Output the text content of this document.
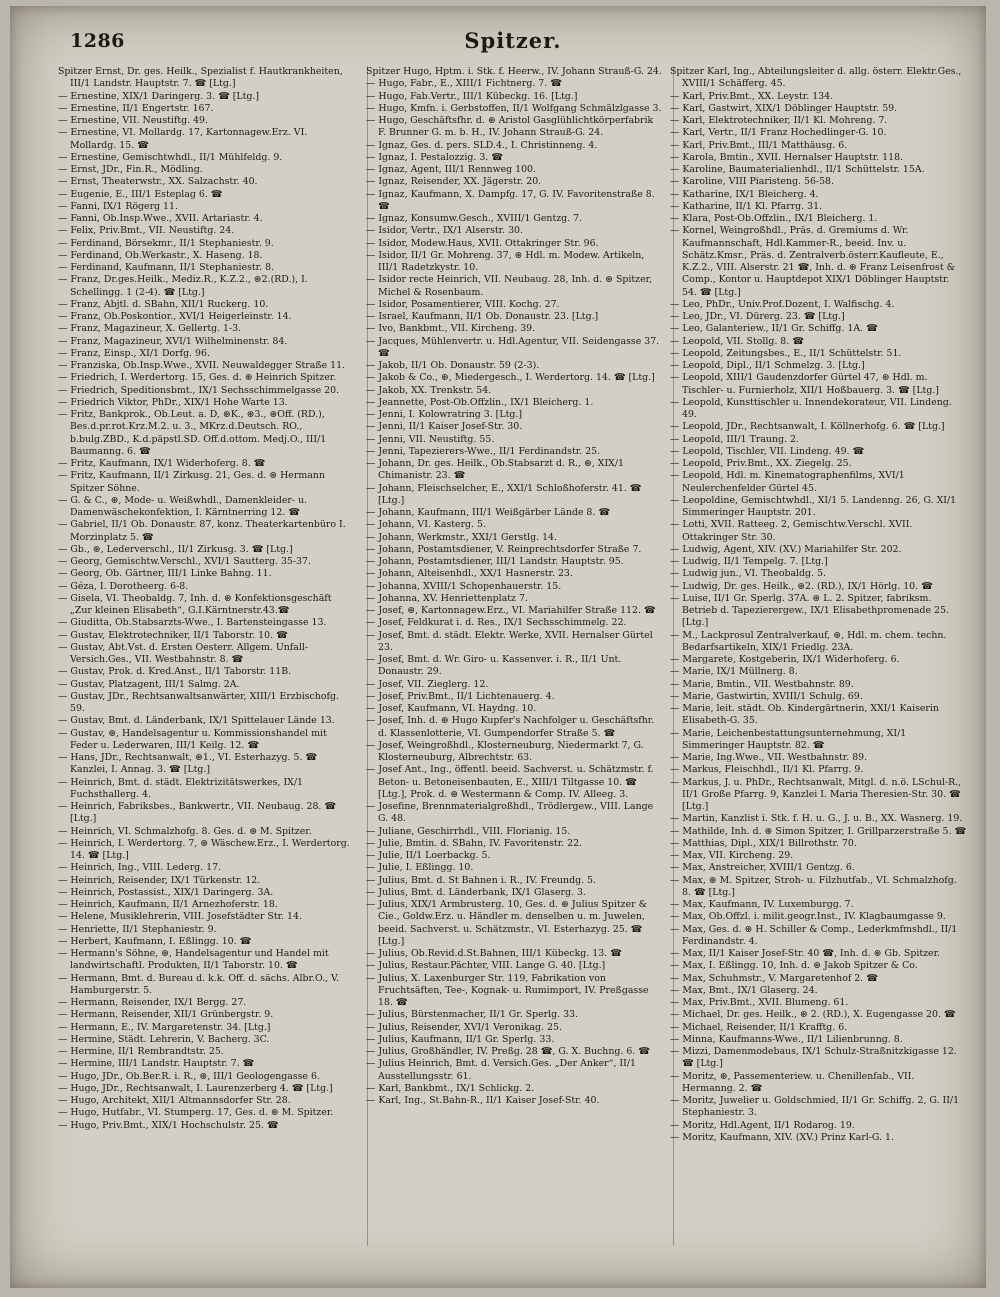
1286	Spitzer.
Spitzer Ernst, Dr. ges. Heilk., Spezialist f. Hautkrankheiten, III/1 Landstr. Hauptstr. 7. ☎ [Ltg.]
— Ernestine, XIX/1 Daringerg. 3. ☎ [Ltg.]
— Ernestine, II/1 Engertstr. 167.
— Ernestine, VII. Neustiftg. 49.
— Ernestine, VI. Mollardg. 17, Kartonnagew.Erz. VI. Mollardg. 15. ☎
— Ernestine, Gemischtwhdl., II/1 Mühlfeldg. 9.
— Ernst, JDr., Fin.R., Mödling.
— Ernst, Theaterwstr., XX. Salzachstr. 40.
— Eugenie, E., III/1 Esteplag 6. ☎
— Fanni, IX/1 Rögerg 11.
— Fanni, Ob.Insp.Wwe., XVII. Artariastr. 4.
— Felix, Priv.Bmt., VII. Neustiftg. 24.
— Ferdinand, Börsekmr., II/1 Stephaniestr. 9.
— Ferdinand, Ob.Werkastr., X. Haseng. 18.
— Ferdinand, Kaufmann, II/1 Stephaniestr. 8.
— Franz, Dr.ges.Heilk., Mediz.R., K.Z.2., ⊛2.(RD.), I. Schellingg. 1 (2-4). ☎ [Ltg.]
— Franz, Abjtl. d. SBahn, XII/1 Ruckerg. 10.
— Franz, Ob.Poskontior., XVI/1 Heigerleinstr. 14.
— Franz, Magazineur, X. Gellertg. 1-3.
— Franz, Magazineur, XVI/1 Wilhelminenstr. 84.
— Franz, Einsp., XI/1 Dorfg. 96.
— Franziska, Ob.Insp.Wwe., XVII. Neuwaldegger Straße 11.
— Friedrich, I. Werdertorg. 15, Ges. d. ⊛ Heinrich Spitzer.
— Friedrich, Speditionsbmt., IX/1 Sechsschimmelgasse 20.
— Friedrich Viktor, PhDr., XIX/1 Hohe Warte 13.
— Fritz, Bankprok., Ob.Leut. a. D, ⊛K., ⊛3., ⊛Off. (RD.), Bes.d.pr.rot.Krz.M.2. u. 3., MKrz.d.Deutsch. RO., b.bulg.ZBD., K.d.päpstl.SD. Off.d.ottom. Medj.O., III/1 Baumanng. 6. ☎
— Fritz, Kaufmann, IX/1 Widerhoferg. 8. ☎
— Fritz, Kaufmann, II/1 Zirkusg. 21, Ges. d. ⊛ Hermann Spitzer Söhne.
— G. & C., ⊛, Mode- u. Weißwhdl., Damenkleider- u. Damenwäschekonfektion, I. Kärntnerring 12. ☎
— Gabriel, II/1 Ob. Donaustr. 87, konz. Theaterkartenbüro I. Morzinplatz 5. ☎
— Gb., ⊛, Lederverschl., II/1 Zirkusg. 3. ☎ [Ltg.]
— Georg, Gemischtw.Verschl., XVI/1 Sautterg. 35-37.
— Georg, Ob. Gärtner, III/1 Linke Bahng. 11.
— Géza, I. Dorotheerg. 6-8.
— Gisela, VI. Theobaldg. 7, Inh. d. ⊛ Konfektionsgeschäft „Zur kleinen Elisabeth“, G.I.Kärntnerstr.43.☎
— Giuditta, Ob.Stabsarzts-Wwe., I. Bartensteingasse 13.
— Gustav, Elektrotechniker, II/1 Taborstr. 10. ☎
— Gustav, Abt.Vst. d. Ersten Oesterr. Allgem. Unfall-Versich.Ges., VII. Westbahnstr. 8. ☎
— Gustav, Prok. d. Kred.Anst., II/1 Taborstr. 11B.
— Gustav, Platzagent, III/1 Salmg. 2A.
— Gustav, JDr., Rechtsanwaltsanwärter, XIII/1 Erzbischofg. 59.
— Gustav, Bmt. d. Länderbank, IX/1 Spittelauer Lände 13.
— Gustav, ⊛, Handelsagentur u. Kommissionshandel mit Feder u. Lederwaren, III/1 Keilg. 12. ☎
— Hans, JDr., Rechtsanwalt, ⊛1., VI. Esterhazyg. 5. ☎ Kanzlei, I. Annag. 3. ☎ [Ltg.]
— Heinrich, Bmt. d. städt. Elektrizitätswerkes, IX/1 Fuchsthallerg. 4.
— Heinrich, Fabriksbes., Bankwertr., VII. Neubaug. 28. ☎ [Ltg.]
— Heinrich, VI. Schmalzhofg. 8. Ges. d. ⊛ M. Spitzer.
— Heinrich, I. Werdertorg. 7, ⊛ Wäschew.Erz., I. Werdertorg. 14. ☎ [Ltg.]
— Heinrich, Ing., VIII. Lederg. 17.
— Heinrich, Reisender, IX/1 Türkenstr. 12.
— Heinrich, Postassist., XIX/1 Daringerg. 3A.
— Heinrich, Kaufmann, II/1 Arnezhoferstr. 18.
— Helene, Musiklehrerin, VIII. Josefstädter Str. 14.
— Henriette, II/1 Stephaniestr. 9.
— Herbert, Kaufmann, I. Eßlingg. 10. ☎
— Hermann's Söhne, ⊛, Handelsagentur und Handel mit landwirtschaftl. Produkten, II/1 Taborstr. 10. ☎
— Hermann, Bmt. d. Bureau d. k.k. Off. d. sächs. Albr.O., V. Hamburgerstr. 5.
— Hermann, Reisender, IX/1 Bergg. 27.
— Hermann, Reisender, XII/1 Grünbergstr. 9.
— Hermann, E., IV. Margaretenstr. 34. [Ltg.]
— Hermine, Städt. Lehrerin, V. Bacherg. 3C.
— Hermine, II/1 Rembrandtstr. 25.
— Hermine, III/1 Landstr. Hauptstr. 7. ☎
— Hugo, JDr., Ob.Ber.R. i. R., ⊛, III/1 Geologengasse 6.
— Hugo, JDr., Rechtsanwalt, I. Laurenzerberg 4. ☎ [Ltg.]
— Hugo, Architekt, XII/1 Altmannsdorfer Str. 28.
— Hugo, Hutfabr., VI. Stumperg. 17, Ges. d. ⊛ M. Spitzer.
— Hugo, Priv.Bmt., XIX/1 Hochschulstr. 25. ☎
Spitzer Hugo, Hptm. i. Stk. f. Heerw., IV. Johann Strauß-G. 24.
— Hugo, Fabr., E., XIII/1 Fichtnerg. 7. ☎
— Hugo, Fab.Vertr., III/1 Kübeckg. 16. [Ltg.]
— Hugo, Kmfn. i. Gerbstoffen, II/1 Wolfgang Schmälzlgasse 3.
— Hugo, Geschäftsfhr. d. ⊛ Aristol Gasglühlichtkörperfabrik F. Brunner G. m. b. H., IV. Johann Strauß-G. 24.
— Ignaz, Ges. d. pers. SLD.4., I. Christinneng. 4.
— Ignaz, I. Pestalozzig. 3. ☎
— Ignaz, Agent, III/1 Rennweg 100.
— Ignaz, Reisender, XX. Jägerstr. 20.
— Ignaz, Kaufmann, X. Dampfg. 17, G. IV. Favoritenstraße 8. ☎
— Ignaz, Konsumw.Gesch., XVIII/1 Gentzg. 7.
— Isidor, Vertr., IX/1 Alserstr. 30.
— Isidor, Modew.Haus, XVII. Ottakringer Str. 96.
— Isidor, II/1 Gr. Mohreng. 37, ⊛ Hdl. m. Modew. Artikeln, III/1 Radetzkystr. 10.
— Isidor recte Heinrich, VII. Neubaug. 28, Inh. d. ⊛ Spitzer, Michel & Rosenbaum.
— Isidor, Posamentierer, VIII. Kochg. 27.
— Israel, Kaufmann, II/1 Ob. Donaustr. 23. [Ltg.]
— Ivo, Bankbmt., VII. Kircheng. 39.
— Jacques, Mühlenvertr. u. Hdl.Agentur, VII. Seidengasse 37. ☎
— Jakob, II/1 Ob. Donaustr. 59 (2-3).
— Jakob & Co., ⊛, Miedergesch., I. Werdertorg. 14. ☎ [Ltg.]
— Jakob, XX. Trenkstr. 54.
— Jeannette, Post-Ob.Offzlin., IX/1 Bleicherg. 1.
— Jenni, I. Kolowratring 3. [Ltg.]
— Jenni, II/1 Kaiser Josef-Str. 30.
— Jenni, VII. Neustiftg. 55.
— Jenni, Tapezierers-Wwe., II/1 Ferdinandstr. 25.
— Johann, Dr. ges. Heilk., Ob.Stabsarzt d. R., ⊛, XIX/1 Chimanistr. 23. ☎
— Johann, Fleischselcher, E., XXI/1 Schloßhoferstr. 41. ☎ [Ltg.]
— Johann, Kaufmann, III/1 Weißgärber Lände 8. ☎
— Johann, VI. Kasterg. 5.
— Johann, Werkmstr., XXI/1 Gerstlg. 14.
— Johann, Postamtsdiener, V. Reinprechtsdorfer Straße 7.
— Johann, Postamtsdiener, III/1 Landstr. Hauptstr. 95.
— Johann, Alteisenhdl., XX/1 Hasnerstr. 23.
— Johanna, XVIII/1 Schopenhauerstr. 15.
— Johanna, XV. Henriettenplatz 7.
— Josef, ⊛, Kartonnagew.Erz., VI. Mariahilfer Straße 112. ☎
— Josef, Feldkurat i. d. Res., IX/1 Sechsschimmelg. 22.
— Josef, Bmt. d. städt. Elektr. Werke, XVII. Hernalser Gürtel 23.
— Josef, Bmt. d. Wr. Giro- u. Kassenver. i. R., II/1 Unt. Donaustr. 29.
— Josef, VII. Zieglerg. 12.
— Josef, Priv.Bmt., II/1 Lichtenauerg. 4.
— Josef, Kaufmann, VI. Haydng. 10.
— Josef, Inh. d. ⊛ Hugo Kupfer's Nachfolger u. Geschäftsfhr. d. Klassenlotterie, VI. Gumpendorfer Straße 5. ☎
— Josef, Weingroßhdl., Klosterneuburg, Niedermarkt 7, G. Klosterneuburg, Albrechtstr. 63.
— Josef Ant., Ing., öffentl. beeid. Sachverst. u. Schätzmstr. f. Beton- u. Betoneisenbauten, E., XIII/1 Tiltgasse 10. ☎ [Ltg.], Prok. d. ⊛ Westermann & Comp. IV. Alleeg. 3.
— Josefine, Brennmaterialgroßhdl., Trödlergew., VIII. Lange G. 48.
— Juliane, Geschirrhdl., VIII. Florianig. 15.
— Julie, Bmtin. d. SBahn, IV. Favoritenstr. 22.
— Julie, II/1 Loerbackg. 5.
— Julie, I. Eßlingg. 10.
— Julius, Bmt. d. St Bahnen i. R., IV. Freundg. 5.
— Julius, Bmt. d. Länderbank, IX/1 Glaserg. 3.
— Julius, XIX/1 Armbrusterg. 10, Ges. d. ⊛ Julius Spitzer & Cie., Goldw.Erz. u. Händler m. denselben u. m. Juwelen, beeid. Sachverst. u. Schätzmstr., VI. Esterhazyg. 25. ☎ [Ltg.]
— Julius, Ob.Revid.d.St.Bahnen, III/1 Kübeckg. 13. ☎
— Julius, Restaur.Pächter, VIII. Lange G. 40. [Ltg.]
— Julius, X. Laxenburger Str. 119, Fabrikation von Fruchtsäften, Tee-, Kognak- u. Rumimport, IV. Preßgasse 18. ☎
— Julius, Bürstenmacher, II/1 Gr. Sperlg. 33.
— Julius, Reisender, XVI/1 Veronikag. 25.
— Julius, Kaufmann, II/1 Gr. Sperlg. 33.
— Julius, Großhändler, IV. Preßg. 28 ☎, G. X. Buchng. 6. ☎
— Julius Heinrich, Bmt. d. Versich.Ges. „Der Anker“, II/1 Ausstellungsstr. 61.
— Karl, Bankbmt., IX/1 Schlickg. 2.
— Karl, Ing., St.Bahn-R., II/1 Kaiser Josef-Str. 40.
Spitzer Karl, Ing., Abteilungsleiter d. allg. österr. Elektr.Ges., XVIII/1 Schäfferg. 45.
— Karl, Priv.Bmt., XX. Leystr. 134.
— Karl, Gastwirt, XIX/1 Döblinger Hauptstr. 59.
— Karl, Elektrotechniker, II/1 Kl. Mohreng. 7.
— Karl, Vertr., II/1 Franz Hochedlinger-G. 10.
— Karl, Priv.Bmt., III/1 Matthäusg. 6.
— Karola, Bmtin., XVII. Hernalser Hauptstr. 118.
— Karoline, Baumaterialienhdl., II/1 Schüttelstr. 15A.
— Karoline, VIII Piaristeng. 56-58.
— Katharine, IX/1 Bleicherg. 4.
— Katharine, II/1 Kl. Pfarrg. 31.
— Klara, Post-Ob.Offzlin., IX/1 Bleicherg. 1.
— Kornel, Weingroßhdl., Präs. d. Gremiums d. Wr. Kaufmannschaft, Hdl.Kammer-R., beeid. Inv. u. Schätz.Kmsr., Präs. d. Zentralverb.österr.Kaufleute, E., K.Z.2., VIII. Alserstr. 21 ☎, Inh. d. ⊛ Franz Leisenfrost & Comp., Kontor u. Hauptdepot XIX/1 Döblinger Hauptstr. 54. ☎ [Ltg.]
— Leo, PhDr., Univ.Prof.Dozent, I. Walfischg. 4.
— Leo, JDr., VI. Dürerg. 23. ☎ [Ltg.]
— Leo, Galanteriew., II/1 Gr. Schiffg. 1A. ☎
— Leopold, VII. Stollg. 8. ☎
— Leopold, Zeitungsbes., E., II/1 Schüttelstr. 51.
— Leopold, Dipl., II/1 Schmelzg. 3. [Ltg.]
— Leopold, XIII/1 Gaudenzdorfer Gürtel 47, ⊛ Hdl. m. Tischler- u. Furnierholz, XII/1 Hoßbauerg. 3. ☎ [Ltg.]
— Leopold, Kunsttischler u. Innendekorateur, VII. Lindeng. 49.
— Leopold, JDr., Rechtsanwalt, I. Köllnerhofg. 6. ☎ [Ltg.]
— Leopold, III/1 Traung. 2.
— Leopold, Tischler, VII. Lindeng. 49. ☎
— Leopold, Priv.Bmt., XX. Ziegelg. 25.
— Leopold, Hdl. m. Kinematographenfilms, XVI/1 Neulerchenfelder Gürtel 45.
— Leopoldine, Gemischtwhdl., XI/1 5. Landenng. 26, G. XI/1 Simmeringer Hauptstr. 201.
— Lotti, XVII. Ratteeg. 2, Gemischtw.Verschl. XVII. Ottakringer Str. 30.
— Ludwig, Agent, XIV. (XV.) Mariahilfer Str. 202.
— Ludwig, II/1 Tempelg. 7. [Ltg.]
— Ludwig jun., VI. Theobaldg. 5.
— Ludwig, Dr. ges. Heilk., ⊛2. (RD.), IX/1 Hörlg. 10. ☎
— Luise, II/1 Gr. Sperlg. 37A. ⊛ L. 2. Spitzer, fabriksm. Betrieb d. Tapezierergew., IX/1 Elisabethpromenade 25. [Ltg.]
— M., Lackprosul Zentralverkauf, ⊛, Hdl. m. chem. techn. Bedarfsartikeln, XIX/1 Friedlg. 23A.
— Margarete, Kostgeberin, IX/1 Widerhoferg. 6.
— Marie, IX/1 Müllnerg. 8.
— Marie, Bmtin., VII. Westbahnstr. 89.
— Marie, Gastwirtin, XVIII/1 Schulg. 69.
— Marie, leit. städt. Ob. Kindergärtnerin, XXI/1 Kaiserin Elisabeth-G. 35.
— Marie, Leichenbestattungsunternehmung, XI/1 Simmeringer Hauptstr. 82. ☎
— Marie, Ing.Wwe., VII. Westbahnstr. 89.
— Markus, Fleischhdl., II/1 Kl. Pfarrg. 9.
— Markus, J. u. PhDr., Rechtsanwalt, Mitgl. d. n.ö. LSchul-R., II/1 Große Pfarrg. 9, Kanzlei I. Maria Theresien-Str. 30. ☎ [Ltg.]
— Martin, Kanzlist i. Stk. f. H. u. G., J. u. B., XX. Wasnerg. 19.
— Mathilde, Inh. d. ⊛ Simon Spitzer, I. Grillparzerstraße 5. ☎
— Matthias, Dipl., XIX/1 Billrothstr. 70.
— Max, VII. Kircheng. 29.
— Max, Anstreicher, XVIII/1 Gentzg. 6.
— Max, ⊛ M. Spitzer, Stroh- u. Filzhutfab., VI. Schmalzhofg. 8. ☎ [Ltg.]
— Max, Kaufmann, IV. Luxemburgg. 7.
— Max, Ob.Offzl. i. milit.geogr.Inst., IV. Klagbaumgasse 9.
— Max, Ges. d. ⊛ H. Schiller & Comp., Lederkmfmshdl., II/1 Ferdinandstr. 4.
— Max, II/1 Kaiser Josef-Str. 40 ☎, Inh. d. ⊛ Gb. Spitzer.
— Max, I. Eßlingg. 10, Inh. d. ⊛ Jakob Spitzer & Co.
— Max, Schuhmstr., V. Margaretenhof 2. ☎
— Max, Bmt., IX/1 Glaserg. 24.
— Max, Priv.Bmt., XVII. Blumeng. 61.
— Michael, Dr. ges. Heilk., ⊛ 2. (RD.), X. Eugengasse 20. ☎
— Michael, Reisender, II/1 Krafftg. 6.
— Minna, Kaufmanns-Wwe., II/1 Lilienbrunng. 8.
— Mizzi, Damenmodebaus, IX/1 Schulz-Straßnitzkigasse 12. ☎ [Ltg.]
— Moritz, ⊛, Passementeriew. u. Chenillenfab., VII. Hermanng. 2. ☎
— Moritz, Juwelier u. Goldschmied, II/1 Gr. Schiffg. 2, G. II/1 Stephaniestr. 3.
— Moritz, Hdl.Agent, II/1 Rodarog. 19.
— Moritz, Kaufmann, XIV. (XV.) Prinz Karl-G. 1.
